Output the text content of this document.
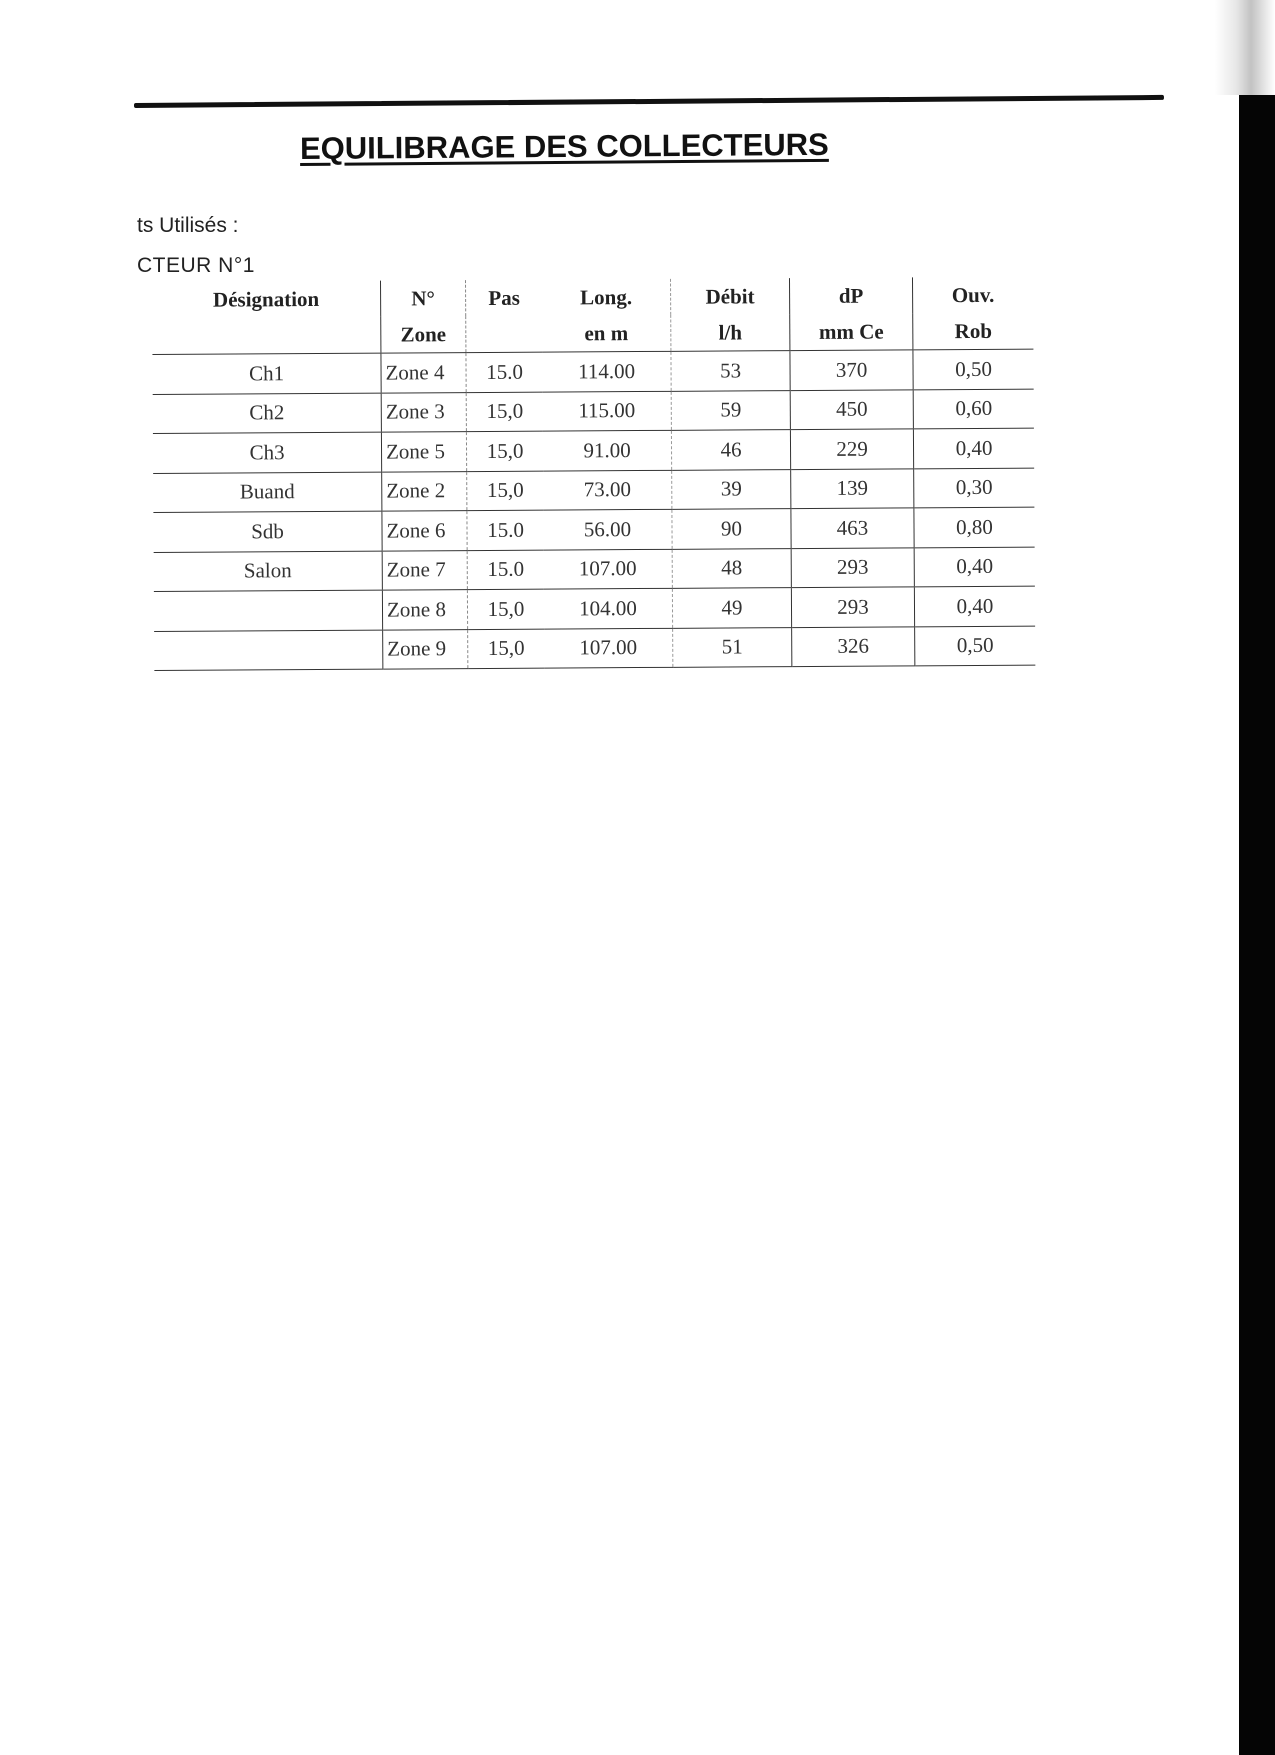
EQUILIBRAGE DES COLLECTEURS
ts Utilisés :
CTEUR N°1
Désignation	N°	Pas	Long.	Débit	dP	Ouv.
	Zone		en m	l/h	mm Ce	Rob
Ch1	Zone 4	15.0	114.00	53	370	0,50
Ch2	Zone 3	15,0	115.00	59	450	0,60
Ch3	Zone 5	15,0	91.00	46	229	0,40
Buand	Zone 2	15,0	73.00	39	139	0,30
Sdb	Zone 6	15.0	56.00	90	463	0,80
Salon	Zone 7	15.0	107.00	48	293	0,40
	Zone 8	15,0	104.00	49	293	0,40
	Zone 9	15,0	107.00	51	326	0,50
